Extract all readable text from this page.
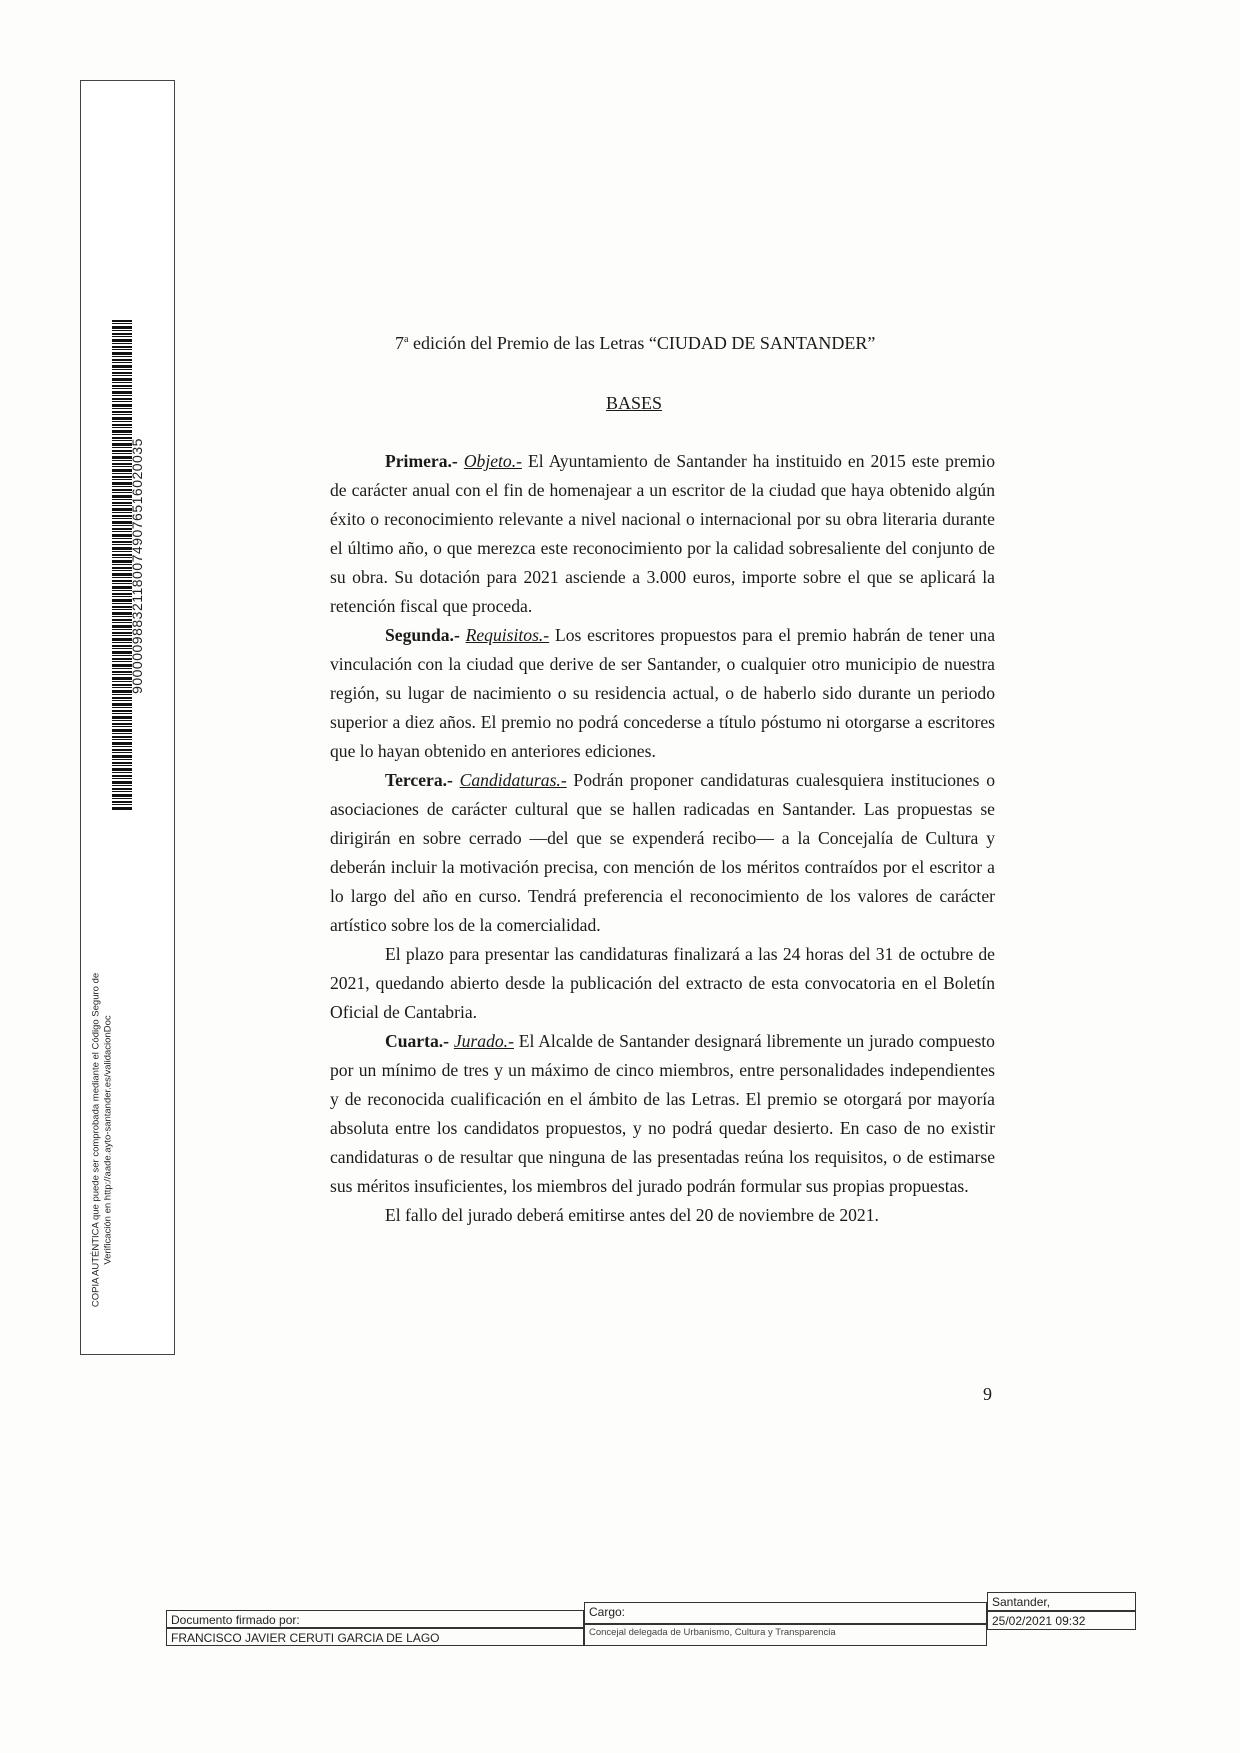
9000009883211800749076516020035
COPIA AUTÉNTICA que puede ser comprobada mediante el Código Seguro de Verificación en http://aade.ayto-santander.es/validacionDoc
7$^a$ edición del Premio de las Letras “CIUDAD DE SANTANDER”
BASES

Primera.- Objeto.- El Ayuntamiento de Santander ha instituido en 2015 este premio de carácter anual con el fin de homenajear a un escritor de la ciudad que haya obtenido algún éxito o reconocimiento relevante a nivel nacional o internacional por su obra literaria durante el último año, o que merezca este reconocimiento por la calidad sobresaliente del conjunto de su obra. Su dotación para 2021 asciende a 3.000 euros, importe sobre el que se aplicará la retención fiscal que proceda.

Segunda.- Requisitos.- Los escritores propuestos para el premio habrán de tener una vinculación con la ciudad que derive de ser Santander, o cualquier otro municipio de nuestra región, su lugar de nacimiento o su residencia actual, o de haberlo sido durante un periodo superior a diez años. El premio no podrá concederse a título póstumo ni otorgarse a escritores que lo hayan obtenido en anteriores ediciones.

Tercera.- Candidaturas.- Podrán proponer candidaturas cualesquiera instituciones o asociaciones de carácter cultural que se hallen radicadas en Santander. Las propuestas se dirigirán en sobre cerrado —del que se expenderá recibo— a la Concejalía de Cultura y deberán incluir la motivación precisa, con mención de los méritos contraídos por el escritor a lo largo del año en curso. Tendrá preferencia el reconocimiento de los valores de carácter artístico sobre los de la comercialidad.

El plazo para presentar las candidaturas finalizará a las 24 horas del 31 de octubre de 2021, quedando abierto desde la publicación del extracto de esta convocatoria en el Boletín Oficial de Cantabria.

Cuarta.- Jurado.- El Alcalde de Santander designará libremente un jurado compuesto por un mínimo de tres y un máximo de cinco miembros, entre personalidades independientes y de reconocida cualificación en el ámbito de las Letras. El premio se otorgará por mayoría absoluta entre los candidatos propuestos, y no podrá quedar desierto. En caso de no existir candidaturas o de resultar que ninguna de las presentadas reúna los requisitos, o de estimarse sus méritos insuficientes, los miembros del jurado podrán formular sus propias propuestas.

El fallo del jurado deberá emitirse antes del 20 de noviembre de 2021.

9
Documento firmado por:
FRANCISCO JAVIER CERUTI GARCIA DE LAGO
Cargo:
Concejal delegada de Urbanismo, Cultura y Transparencia
Santander,
25/02/2021 09:32
